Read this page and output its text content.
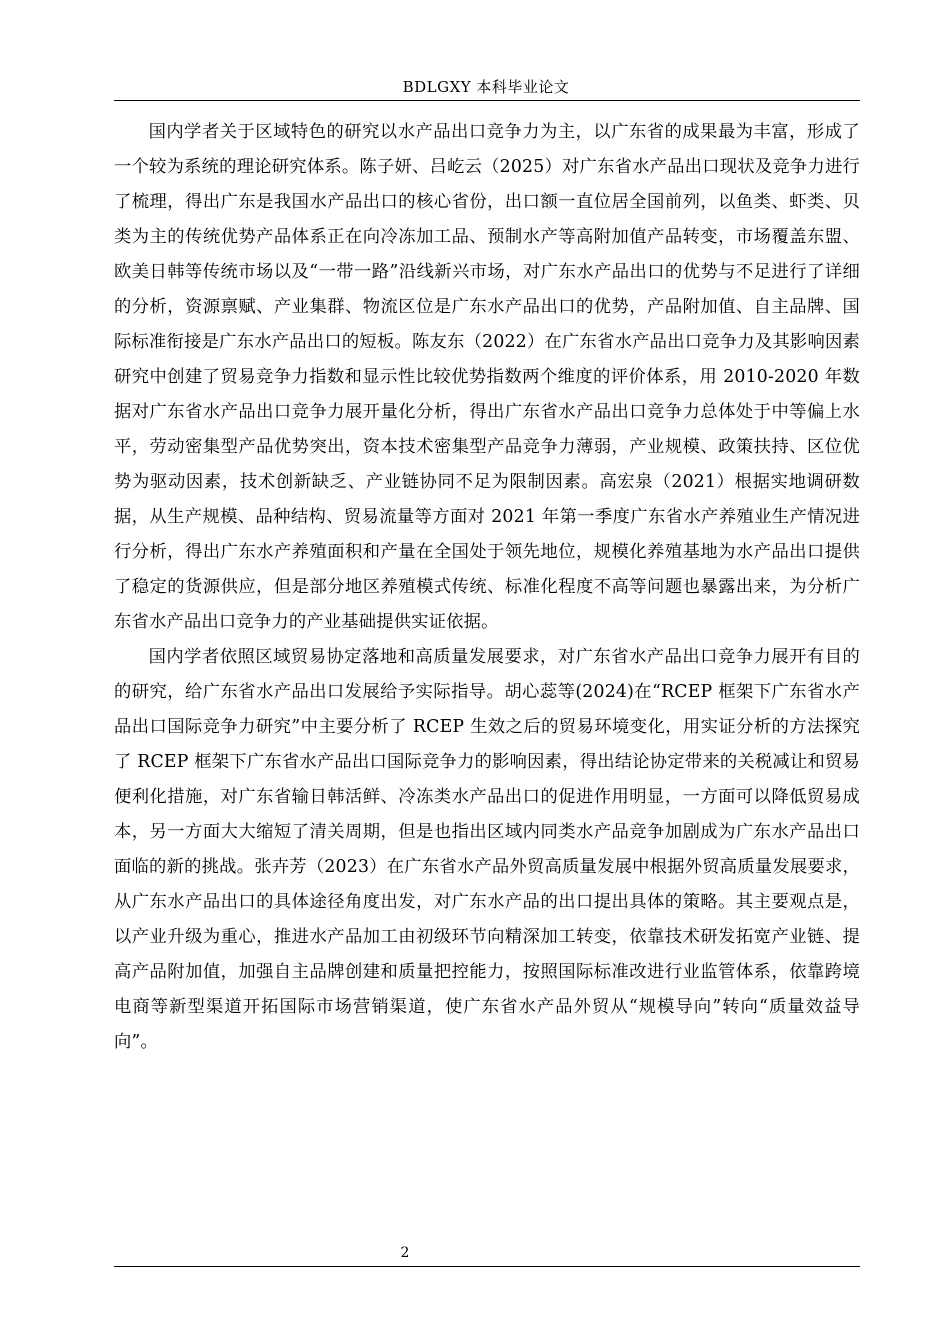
BDLGXY 本科毕业论文

国内学者关于区域特色的研究以水产品出口竞争力为主，以广东省的成果最为丰富，形成了一个较为系统的理论研究体系。陈子妍、吕屹云（2025）对广东省水产品出口现状及竞争力进行了梳理，得出广东是我国水产品出口的核心省份，出口额一直位居全国前列，以鱼类、虾类、贝类为主的传统优势产品体系正在向冷冻加工品、预制水产等高附加值产品转变，市场覆盖东盟、欧美日韩等传统市场以及“一带一路”沿线新兴市场，对广东水产品出口的优势与不足进行了详细的分析，资源禀赋、产业集群、物流区位是广东水产品出口的优势，产品附加值、自主品牌、国际标准衔接是广东水产品出口的短板。陈友东（2022）在广东省水产品出口竞争力及其影响因素研究中创建了贸易竞争力指数和显示性比较优势指数两个维度的评价体系，用 2010-2020 年数据对广东省水产品出口竞争力展开量化分析，得出广东省水产品出口竞争力总体处于中等偏上水平，劳动密集型产品优势突出，资本技术密集型产品竞争力薄弱，产业规模、政策扶持、区位优势为驱动因素，技术创新缺乏、产业链协同不足为限制因素。高宏泉（2021）根据实地调研数据，从生产规模、品种结构、贸易流量等方面对 2021 年第一季度广东省水产养殖业生产情况进行分析，得出广东水产养殖面积和产量在全国处于领先地位，规模化养殖基地为水产品出口提供了稳定的货源供应，但是部分地区养殖模式传统、标准化程度不高等问题也暴露出来，为分析广东省水产品出口竞争力的产业基础提供实证依据。

国内学者依照区域贸易协定落地和高质量发展要求，对广东省水产品出口竞争力展开有目的的研究，给广东省水产品出口发展给予实际指导。胡心蕊等(2024)在“RCEP 框架下广东省水产品出口国际竞争力研究”中主要分析了 RCEP 生效之后的贸易环境变化，用实证分析的方法探究了 RCEP 框架下广东省水产品出口国际竞争力的影响因素，得出结论协定带来的关税减让和贸易便利化措施，对广东省输日韩活鲜、冷冻类水产品出口的促进作用明显，一方面可以降低贸易成本，另一方面大大缩短了清关周期，但是也指出区域内同类水产品竞争加剧成为广东水产品出口面临的新的挑战。张卉芳（2023）在广东省水产品外贸高质量发展中根据外贸高质量发展要求，从广东水产品出口的具体途径角度出发，对广东水产品的出口提出具体的策略。其主要观点是，以产业升级为重心，推进水产品加工由初级环节向精深加工转变，依靠技术研发拓宽产业链、提高产品附加值，加强自主品牌创建和质量把控能力，按照国际标准改进行业监管体系，依靠跨境电商等新型渠道开拓国际市场营销渠道，使广东省水产品外贸从“规模导向”转向“质量效益导向”。

2
